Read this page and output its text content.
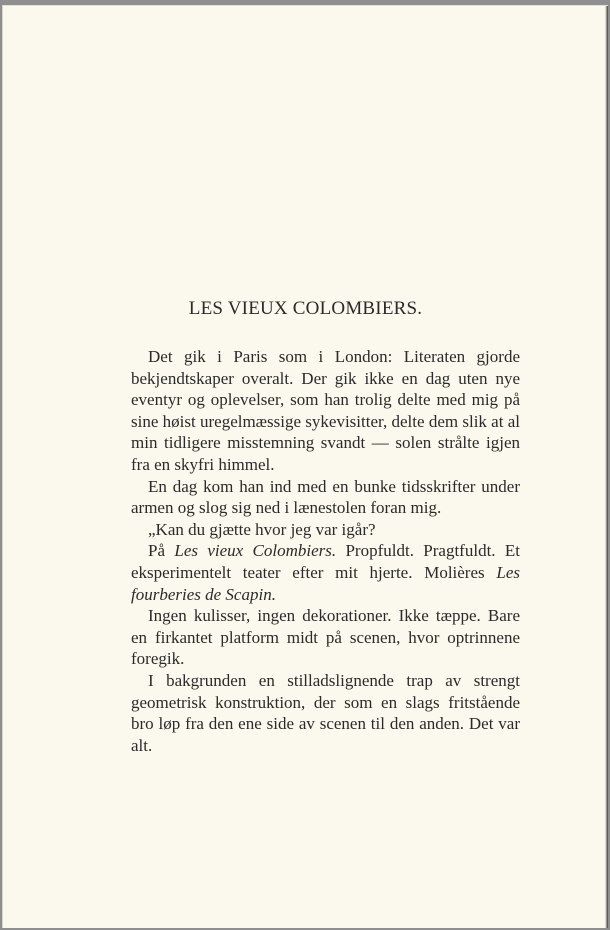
LES VIEUX COLOMBIERS.

Det gik i Paris som i London: Literaten gjorde bekjendtskaper overalt. Der gik ikke en dag uten nye eventyr og oplevelser, som han trolig delte med mig på sine høist uregelmæssige sykevisitter, delte dem slik at al min tidligere misstemning svandt — solen strålte igjen fra en skyfri himmel.

En dag kom han ind med en bunke tidsskrifter under armen og slog sig ned i lænestolen foran mig.

„Kan du gjætte hvor jeg var igår?

På Les vieux Colombiers. Propfuldt. Pragtfuldt. Et eksperimentelt teater efter mit hjerte. Molières Les fourberies de Scapin.

Ingen kulisser, ingen dekorationer. Ikke tæppe. Bare en firkantet platform midt på scenen, hvor optrinnene foregik.

I bakgrunden en stilladslignende trap av strengt geometrisk konstruktion, der som en slags fritstående bro løp fra den ene side av scenen til den anden. Det var alt.
